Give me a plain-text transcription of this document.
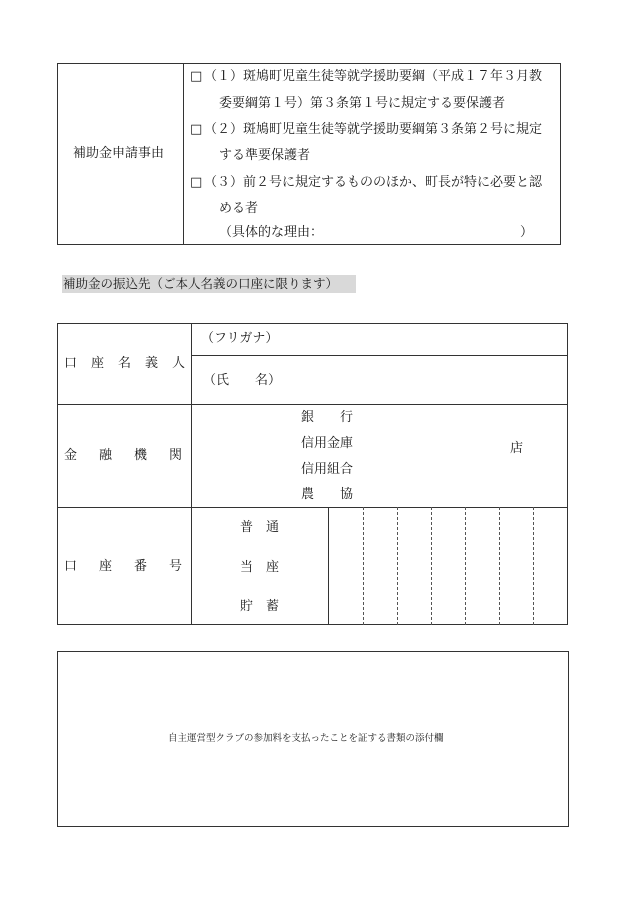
補助金申請事由
□ （１）斑鳩町児童生徒等就学援助要綱（平成１７年３月教
委要綱第１号）第３条第１号に規定する要保護者
□ （２）斑鳩町児童生徒等就学援助要綱第３条第２号に規定
する準要保護者
□ （３）前２号に規定するもののほか、町長が特に必要と認
める者
（具体的な理由：	）
補助金の振込先（ご本人名義の口座に限ります）
口座名義人
（フリガナ）
（氏　　名）
金融機関
銀　　行
信用金庫
信用組合
農　　協
店
口座番号
普　通
当　座
貯　蓄
自主運営型クラブの参加料を支払ったことを証する書類の添付欄
